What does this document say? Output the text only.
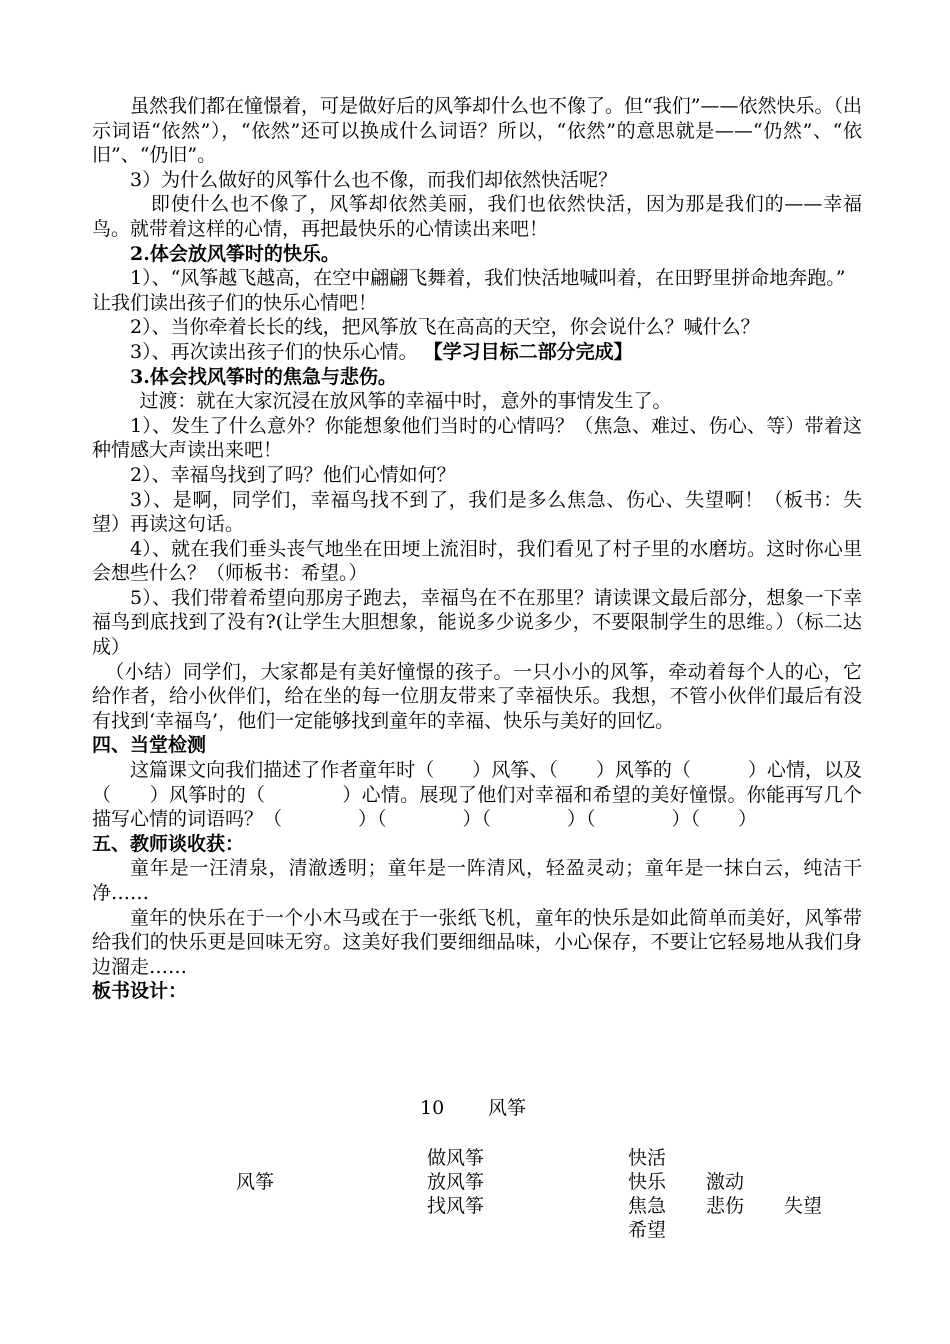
虽然我们都在憧憬着，可是做好后的风筝却什么也不像了。但“我们”——依然快乐。（出示词语“依然”），“依然”还可以换成什么词语？所以，“依然”的意思就是——“仍然”、“依旧”、“仍旧”。

3）为什么做好的风筝什么也不像，而我们却依然快活呢？

即使什么也不像了，风筝却依然美丽，我们也依然快活，因为那是我们的——幸福鸟。就带着这样的心情，再把最快乐的心情读出来吧！

2.体会放风筝时的快乐。

1）、“风筝越飞越高，在空中翩翩飞舞着，我们快活地喊叫着，在田野里拼命地奔跑。”

让我们读出孩子们的快乐心情吧！

2）、当你牵着长长的线，把风筝放飞在高高的天空，你会说什么？喊什么？

3）、再次读出孩子们的快乐心情。 【学习目标二部分完成】

3.体会找风筝时的焦急与悲伤。

过渡：就在大家沉浸在放风筝的幸福中时，意外的事情发生了。

1）、发生了什么意外？你能想象他们当时的心情吗？（焦急、难过、伤心、等）带着这种情感大声读出来吧！

2）、幸福鸟找到了吗？他们心情如何？

3）、是啊，同学们，幸福鸟找不到了，我们是多么焦急、伤心、失望啊！（板书：失望）再读这句话。

4）、就在我们垂头丧气地坐在田埂上流泪时，我们看见了村子里的水磨坊。这时你心里会想些什么？（师板书：希望。）

5）、我们带着希望向那房子跑去，幸福鸟在不在那里？请读课文最后部分，想象一下幸福鸟到底找到了没有?(让学生大胆想象，能说多少说多少，不要限制学生的思维。）（标二达成）

（小结）同学们，大家都是有美好憧憬的孩子。一只小小的风筝，牵动着每个人的心，它给作者，给小伙伴们，给在坐的每一位朋友带来了幸福快乐。我想，不管小伙伴们最后有没有找到‘幸福鸟’，他们一定能够找到童年的幸福、快乐与美好的回忆。

四、当堂检测

这篇课文向我们描述了作者童年时（　　）风筝、（　　）风筝的（　　　）心情，以及（　　）风筝时的（　　　　）心情。展现了他们对幸福和希望的美好憧憬。你能再写几个描写心情的词语吗？（　　　　）（　　　　）（　　　　）（　　　　）（　　）

五、教师谈收获：

童年是一汪清泉，清澈透明；童年是一阵清风，轻盈灵动；童年是一抹白云，纯洁干净……

童年的快乐在于一个小木马或在于一张纸飞机，童年的快乐是如此简单而美好，风筝带给我们的快乐更是回味无穷。这美好我们要细细品味，小心保存，不要让它轻易地从我们身边溜走……

板书设计：

10 风筝
风筝
做风筝
放风筝
找风筝
快活
快乐
焦急
希望
激动
悲伤 失望
